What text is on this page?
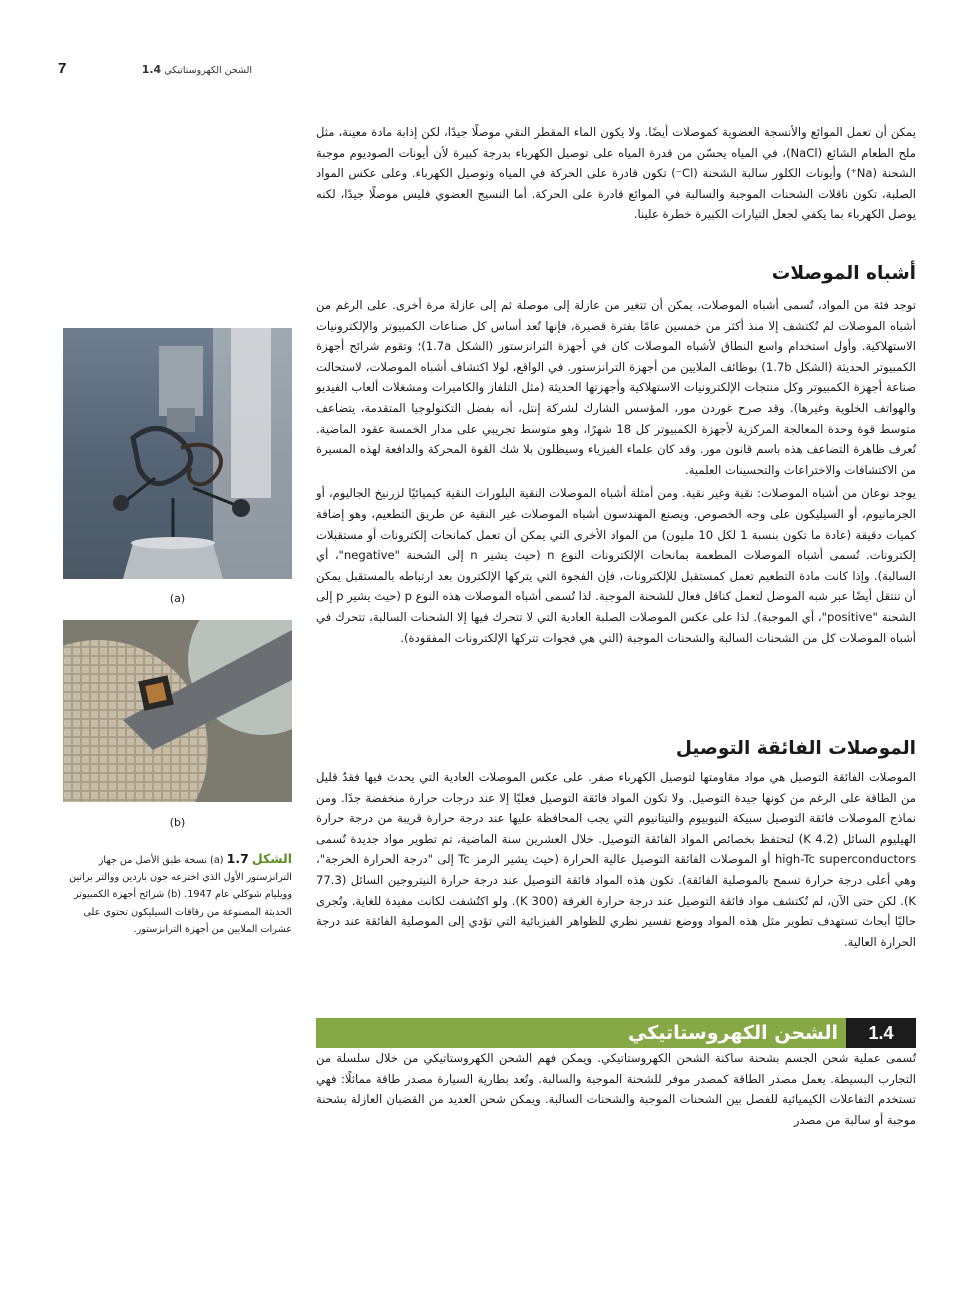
7	الشحن الكهروستاتيكي 1.4

يمكن أن تعمل الموائع والأنسجة العضوية كموصلات أيضًا. ولا يكون الماء المقطر النقي موصلًا جيدًا، لكن إذابة مادة معينة، مثل ملح الطعام الشائع (NaCl)، في المياه يحسّن من قدرة المياه على توصيل الكهرباء بدرجة كبيرة لأن أيونات الصوديوم موجبة الشحنة (Na⁺) وأيونات الكلور سالبة الشحنة (Cl⁻) تكون قادرة على الحركة في المياه وتوصيل الكهرباء. وعلى عكس المواد الصلبة، تكون ناقلات الشحنات الموجبة والسالبة في الموائع قادرة على الحركة. أما النسيج العضوي فليس موصلًا جيدًا، لكنه يوصل الكهرباء بما يكفي لجعل التيارات الكبيرة خطرة علينا.

أشباه الموصلات

توجد فئة من المواد، تُسمى أشباه الموصلات، يمكن أن تتغير من عازلة إلى موصلة ثم إلى عازلة مرة أخرى. على الرغم من أشباه الموصلات لم تُكتشف إلا منذ أكثر من خمسين عامًا بفترة قصيرة، فإنها تُعد أساس كل صناعات الكمبيوتر والإلكترونيات الاستهلاكية. وأول استخدام واسع النطاق لأشباه الموصلات كان في أجهزة الترانزستور (الشكل 1.7a)؛ وتقوم شرائح أجهزة الكمبيوتر الحديثة (الشكل 1.7b) بوظائف الملايين من أجهزة الترانزستور. في الواقع، لولا اكتشاف أشباه الموصلات، لاستحالت صناعة أجهزة الكمبيوتر وكل منتجات الإلكترونيات الاستهلاكية وأجهزتها الحديثة (مثل التلفاز والكاميرات ومشغلات ألعاب الفيديو والهواتف الخلوية وغيرها). وقد صرح غوردن مور، المؤسس الشارك لشركة إنتل، أنه بفضل التكنولوجيا المتقدمة، يتضاعف متوسط قوة وحدة المعالجة المركزية لأجهزة الكمبيوتر كل 18 شهرًا، وهو متوسط تجريبي على مدار الخمسة عقود الماضية. تُعرف ظاهرة التضاعف هذه باسم قانون مور. وقد كان علماء الفيزياء وسيظلون بلا شك القوة المحركة والدافعة لهذه المسيرة من الاكتشافات والاختراعات والتحسينات العلمية.

يوجد نوعان من أشباه الموصلات: نقية وغير نقية. ومن أمثلة أشباه الموصلات النقية البلورات النقية كيميائيًا لزرنيخ الجاليوم، أو الجرمانيوم، أو السيليكون على وجه الخصوص. ويصنع المهندسون أشباه الموصلات غير النقية عن طريق التطعيم، وهو إضافة كميات دقيقة (عادة ما تكون بنسبة 1 لكل 10 مليون) من المواد الأخرى التي يمكن أن تعمل كمانحات إلكترونات أو مستقبلات إلكترونات. تُسمى أشباه الموصلات المطعمة بمانحات الإلكترونات النوع n (حيث يشير n إلى الشحنة "negative"، أي السالبة). وإذا كانت مادة التطعيم تعمل كمستقبل للإلكترونات، فإن الفجوة التي يتركها الإلكترون بعد ارتباطه بالمستقبل يمكن أن تنتقل أيضًا عبر شبه الموصل لتعمل كناقل فعال للشحنة الموجبة. لذا تُسمى أشباه الموصلات هذه النوع p (حيث يشير p إلى الشحنة "positive"، أي الموجبة). لذا على عكس الموصلات الصلبة العادية التي لا تتحرك فيها إلا الشحنات السالبة، تتحرك في أشباه الموصلات كل من الشحنات السالبة والشحنات الموجبة (التي هي فجوات تتركها الإلكترونات المفقودة).

الموصلات الفائقة التوصيل

الموصلات الفائقة التوصيل هي مواد مقاومتها لتوصيل الكهرباء صفر. على عكس الموصلات العادية التي يحدث فيها فقدٌ قليل من الطاقة على الرغم من كونها جيدة التوصيل. ولا تكون المواد فائقة التوصيل فعليًا إلا عند درجات حرارة منخفضة جدًا. ومن نماذج الموصلات فائقة التوصيل سبيكة النيوبيوم والتيتانيوم التي يجب المحافظة عليها عند درجة حرارة قريبة من درجة حرارة الهيليوم السائل (4.2 K) لتحتفظ بخصائص المواد الفائقة التوصيل. خلال العشرين سنة الماضية، تم تطوير مواد جديدة تُسمى high-Tc superconductors أو الموصلات الفائقة التوصيل عالية الحرارة (حيث يشير الرمز Tc إلى "درجة الحرارة الحرجة"، وهي أعلى درجة حرارة تسمح بالموصلية الفائقة). تكون هذه المواد فائقة التوصيل عند درجة حرارة النيتروجين السائل (77.3 K). لكن حتى الآن، لم تُكتشف مواد فائقة التوصيل عند درجة حرارة الغرفة (300 K). ولو اكتُشفت لكانت مفيدة للغاية. وتُجرى حاليًا أبحاث تستهدف تطوير مثل هذه المواد ووضع تفسير نظري للظواهر الفيزيائية التي تؤدي إلى الموصلية الفائقة عند درجة الحرارة العالية.

(a)
(b)
الشكل 1.7 (a) نسخة طبق الأصل من جهاز الترانزستور الأول الذي اخترعه جون باردين ووالتر براتين وويليام شوكلي عام 1947. (b) شرائح أجهزة الكمبيوتر الحديثة المصنوعة من رقاقات السيليكون تحتوي على عشرات الملايين من أجهزة الترانزستور.
1.4
الشحن الكهروستاتيكي

تُسمى عملية شحن الجسم بشحنة ساكنة الشحن الكهروستاتيكي. ويمكن فهم الشحن الكهروستاتيكي من خلال سلسلة من التجارب البسيطة. يعمل مصدر الطاقة كمصدر موفر للشحنة الموجبة والسالبة. وتُعد بطارية السيارة مصدر طاقة مماثلًا: فهي تستخدم التفاعلات الكيميائية للفصل بين الشحنات الموجبة والشحنات السالبة. ويمكن شحن العديد من القضبان العازلة بشحنة موجبة أو سالبة من مصدر
